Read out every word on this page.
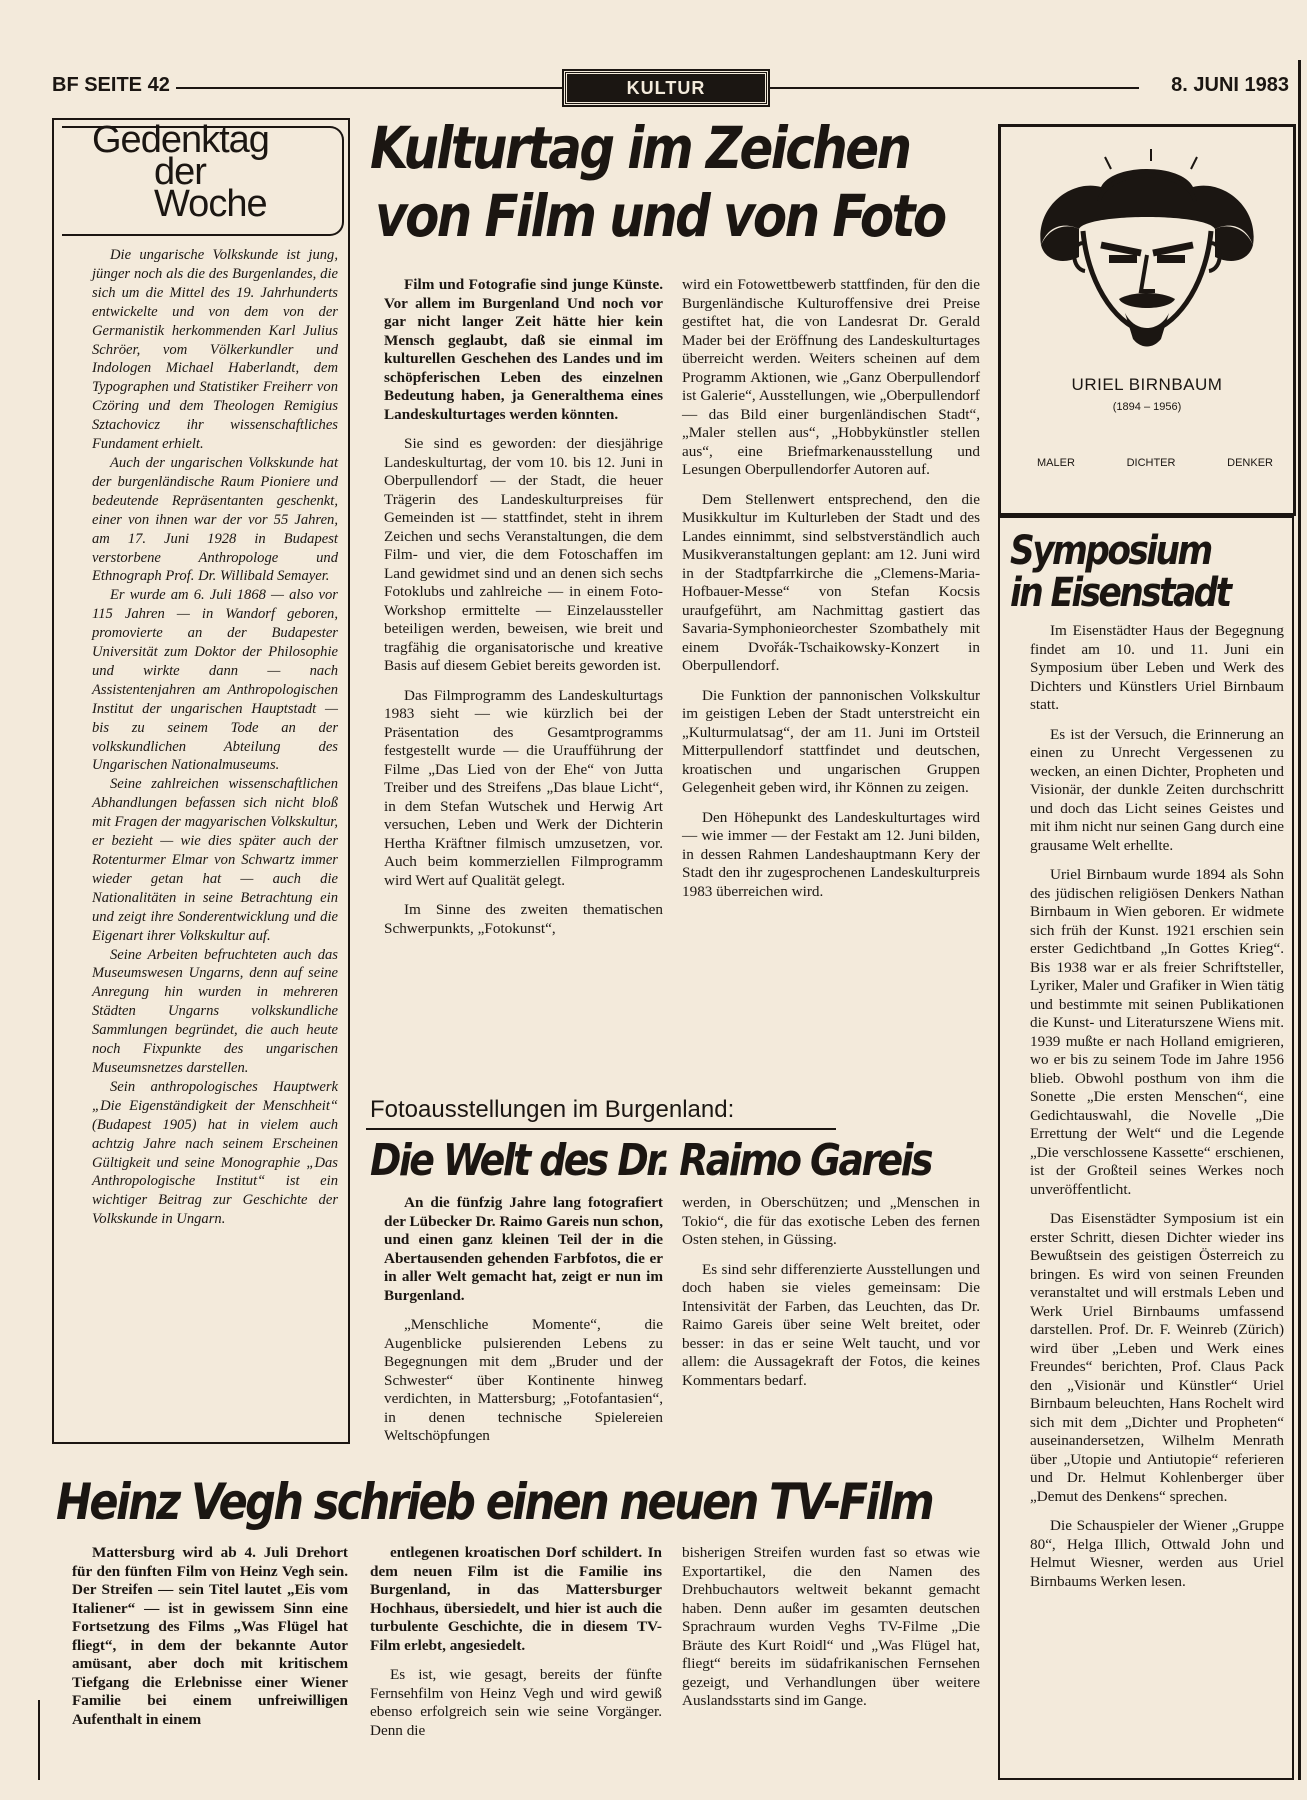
BF SEITE 42	KULTUR	8. JUNI 1983
Gedenktag
der
Woche

Die ungarische Volkskunde ist jung, jünger noch als die des Burgenlandes, die sich um die Mittel des 19. Jahrhunderts entwickelte und von dem von der Germanistik herkommenden Karl Julius Schröer, vom Völkerkundler und Indologen Michael Haberlandt, dem Typographen und Statistiker Freiherr von Czöring und dem Theologen Remigius Sztachovicz ihr wissenschaftliches Fundament erhielt.

Auch der ungarischen Volkskunde hat der burgenländische Raum Pioniere und bedeutende Repräsentanten geschenkt, einer von ihnen war der vor 55 Jahren, am 17. Juni 1928 in Budapest verstorbene Anthropologe und Ethnograph Prof. Dr. Willibald Semayer.

Er wurde am 6. Juli 1868 — also vor 115 Jahren — in Wandorf geboren, promovierte an der Budapester Universität zum Doktor der Philosophie und wirkte dann — nach Assistentenjahren am Anthropologischen Institut der ungarischen Hauptstadt — bis zu seinem Tode an der volkskundlichen Abteilung des Ungarischen Nationalmuseums.

Seine zahlreichen wissenschaftlichen Abhandlungen befassen sich nicht bloß mit Fragen der magyarischen Volkskultur, er bezieht — wie dies später auch der Rotenturmer Elmar von Schwartz immer wieder getan hat — auch die Nationalitäten in seine Betrachtung ein und zeigt ihre Sonderentwicklung und die Eigenart ihrer Volkskultur auf.

Seine Arbeiten befruchteten auch das Museumswesen Ungarns, denn auf seine Anregung hin wurden in mehreren Städten Ungarns volkskundliche Sammlungen begründet, die auch heute noch Fixpunkte des ungarischen Museumsnetzes darstellen.

Sein anthropologisches Hauptwerk „Die Eigenständigkeit der Menschheit“ (Budapest 1905) hat in vielem auch achtzig Jahre nach seinem Erscheinen Gültigkeit und seine Monographie „Das Anthropologische Institut“ ist ein wichtiger Beitrag zur Geschichte der Volkskunde in Ungarn.

Kulturtag im Zeichen
von Film und von Foto

Film und Fotografie sind junge Künste. Vor allem im Burgenland Und noch vor gar nicht langer Zeit hätte hier kein Mensch geglaubt, daß sie einmal im kulturellen Geschehen des Landes und im schöpferischen Leben des einzelnen Bedeutung haben, ja Generalthema eines Landeskulturtages werden könnten.

Sie sind es geworden: der diesjährige Landeskulturtag, der vom 10. bis 12. Juni in Oberpullendorf — der Stadt, die heuer Trägerin des Landeskulturpreises für Gemeinden ist — stattfindet, steht in ihrem Zeichen und sechs Veranstaltungen, die dem Film- und vier, die dem Fotoschaffen im Land gewidmet sind und an denen sich sechs Fotoklubs und zahlreiche — in einem Foto-Workshop ermittelte — Einzelaussteller beteiligen werden, beweisen, wie breit und tragfähig die organisatorische und kreative Basis auf diesem Gebiet bereits geworden ist.

Das Filmprogramm des Landeskulturtags 1983 sieht — wie kürzlich bei der Präsentation des Gesamtprogramms festgestellt wurde — die Uraufführung der Filme „Das Lied von der Ehe“ von Jutta Treiber und des Streifens „Das blaue Licht“, in dem Stefan Wutschek und Herwig Art versuchen, Leben und Werk der Dichterin Hertha Kräftner filmisch umzusetzen, vor. Auch beim kommerziellen Filmprogramm wird Wert auf Qualität gelegt.

Im Sinne des zweiten thematischen Schwerpunkts, „Fotokunst“,

wird ein Fotowettbewerb stattfinden, für den die Burgenländische Kulturoffensive drei Preise gestiftet hat, die von Landesrat Dr. Gerald Mader bei der Eröffnung des Landeskulturtages überreicht werden. Weiters scheinen auf dem Programm Aktionen, wie „Ganz Oberpullendorf ist Galerie“, Ausstellungen, wie „Oberpullendorf — das Bild einer burgenländischen Stadt“, „Maler stellen aus“, „Hobbykünstler stellen aus“, eine Briefmarkenausstellung und Lesungen Oberpullendorfer Autoren auf.

Dem Stellenwert entsprechend, den die Musikkultur im Kulturleben der Stadt und des Landes einnimmt, sind selbstverständlich auch Musikveranstaltungen geplant: am 12. Juni wird in der Stadtpfarrkirche die „Clemens-Maria-Hofbauer-Messe“ von Stefan Kocsis uraufgeführt, am Nachmittag gastiert das Savaria-Symphonieorchester Szombathely mit einem Dvořák-Tschaikowsky-Konzert in Oberpullendorf.

Die Funktion der pannonischen Volkskultur im geistigen Leben der Stadt unterstreicht ein „Kulturmulatsag“, der am 11. Juni im Ortsteil Mitterpullendorf stattfindet und deutschen, kroatischen und ungarischen Gruppen Gelegenheit geben wird, ihr Können zu zeigen.

Den Höhepunkt des Landeskulturtages wird — wie immer — der Festakt am 12. Juni bilden, in dessen Rahmen Landeshauptmann Kery der Stadt den ihr zugesprochenen Landeskulturpreis 1983 überreichen wird.

Fotoausstellungen im Burgenland:
Die Welt des Dr. Raimo Gareis

An die fünfzig Jahre lang fotografiert der Lübecker Dr. Raimo Gareis nun schon, und einen ganz kleinen Teil der in die Abertausenden gehenden Farbfotos, die er in aller Welt gemacht hat, zeigt er nun im Burgenland.

„Menschliche Momente“, die Augenblicke pulsierenden Lebens zu Begegnungen mit dem „Bruder und der Schwester“ über Kontinente hinweg verdichten, in Mattersburg; „Fotofantasien“, in denen technische Spielereien Weltschöpfungen

werden, in Oberschützen; und „Menschen in Tokio“, die für das exotische Leben des fernen Osten stehen, in Güssing.

Es sind sehr differenzierte Ausstellungen und doch haben sie vieles gemeinsam: Die Intensivität der Farben, das Leuchten, das Dr. Raimo Gareis über seine Welt breitet, oder besser: in das er seine Welt taucht, und vor allem: die Aussagekraft der Fotos, die keines Kommentars bedarf.

Heinz Vegh schrieb einen neuen TV-Film

Mattersburg wird ab 4. Juli Drehort für den fünften Film von Heinz Vegh sein. Der Streifen — sein Titel lautet „Eis vom Italiener“ — ist in gewissem Sinn eine Fortsetzung des Films „Was Flügel hat fliegt“, in dem der bekannte Autor amüsant, aber doch mit kritischem Tiefgang die Erlebnisse einer Wiener Familie bei einem unfreiwilligen Aufenthalt in einem

entlegenen kroatischen Dorf schildert. In dem neuen Film ist die Familie ins Burgenland, in das Mattersburger Hochhaus, übersiedelt, und hier ist auch die turbulente Geschichte, die in diesem TV-Film erlebt, angesiedelt.

Es ist, wie gesagt, bereits der fünfte Fernsehfilm von Heinz Vegh und wird gewiß ebenso erfolgreich sein wie seine Vorgänger. Denn die

bisherigen Streifen wurden fast so etwas wie Exportartikel, die den Namen des Drehbuchautors weltweit bekannt gemacht haben. Denn außer im gesamten deutschen Sprachraum wurden Veghs TV-Filme „Die Bräute des Kurt Roidl“ und „Was Flügel hat, fliegt“ bereits im südafrikanischen Fernsehen gezeigt, und Verhandlungen über weitere Auslandsstarts sind im Gange.

URIEL BIRNBAUM
(1894 – 1956)
MALER	DICHTER	DENKER
Symposium
in Eisenstadt

Im Eisenstädter Haus der Begegnung findet am 10. und 11. Juni ein Symposium über Leben und Werk des Dichters und Künstlers Uriel Birnbaum statt.

Es ist der Versuch, die Erinnerung an einen zu Unrecht Vergessenen zu wecken, an einen Dichter, Propheten und Visionär, der dunkle Zeiten durchschritt und doch das Licht seines Geistes und mit ihm nicht nur seinen Gang durch eine grausame Welt erhellte.

Uriel Birnbaum wurde 1894 als Sohn des jüdischen religiösen Denkers Nathan Birnbaum in Wien geboren. Er widmete sich früh der Kunst. 1921 erschien sein erster Gedichtband „In Gottes Krieg“. Bis 1938 war er als freier Schriftsteller, Lyriker, Maler und Grafiker in Wien tätig und bestimmte mit seinen Publikationen die Kunst- und Literaturszene Wiens mit. 1939 mußte er nach Holland emigrieren, wo er bis zu seinem Tode im Jahre 1956 blieb. Obwohl posthum von ihm die Sonette „Die ersten Menschen“, eine Gedichtauswahl, die Novelle „Die Errettung der Welt“ und die Legende „Die verschlossene Kassette“ erschienen, ist der Großteil seines Werkes noch unveröffentlicht.

Das Eisenstädter Symposium ist ein erster Schritt, diesen Dichter wieder ins Bewußtsein des geistigen Österreich zu bringen. Es wird von seinen Freunden veranstaltet und will erstmals Leben und Werk Uriel Birnbaums umfassend darstellen. Prof. Dr. F. Weinreb (Zürich) wird über „Leben und Werk eines Freundes“ berichten, Prof. Claus Pack den „Visionär und Künstler“ Uriel Birnbaum beleuchten, Hans Rochelt wird sich mit dem „Dichter und Propheten“ auseinandersetzen, Wilhelm Menrath über „Utopie und Antiutopie“ referieren und Dr. Helmut Kohlenberger über „Demut des Denkens“ sprechen.

Die Schauspieler der Wiener „Gruppe 80“, Helga Illich, Ottwald John und Helmut Wiesner, werden aus Uriel Birnbaums Werken lesen.
